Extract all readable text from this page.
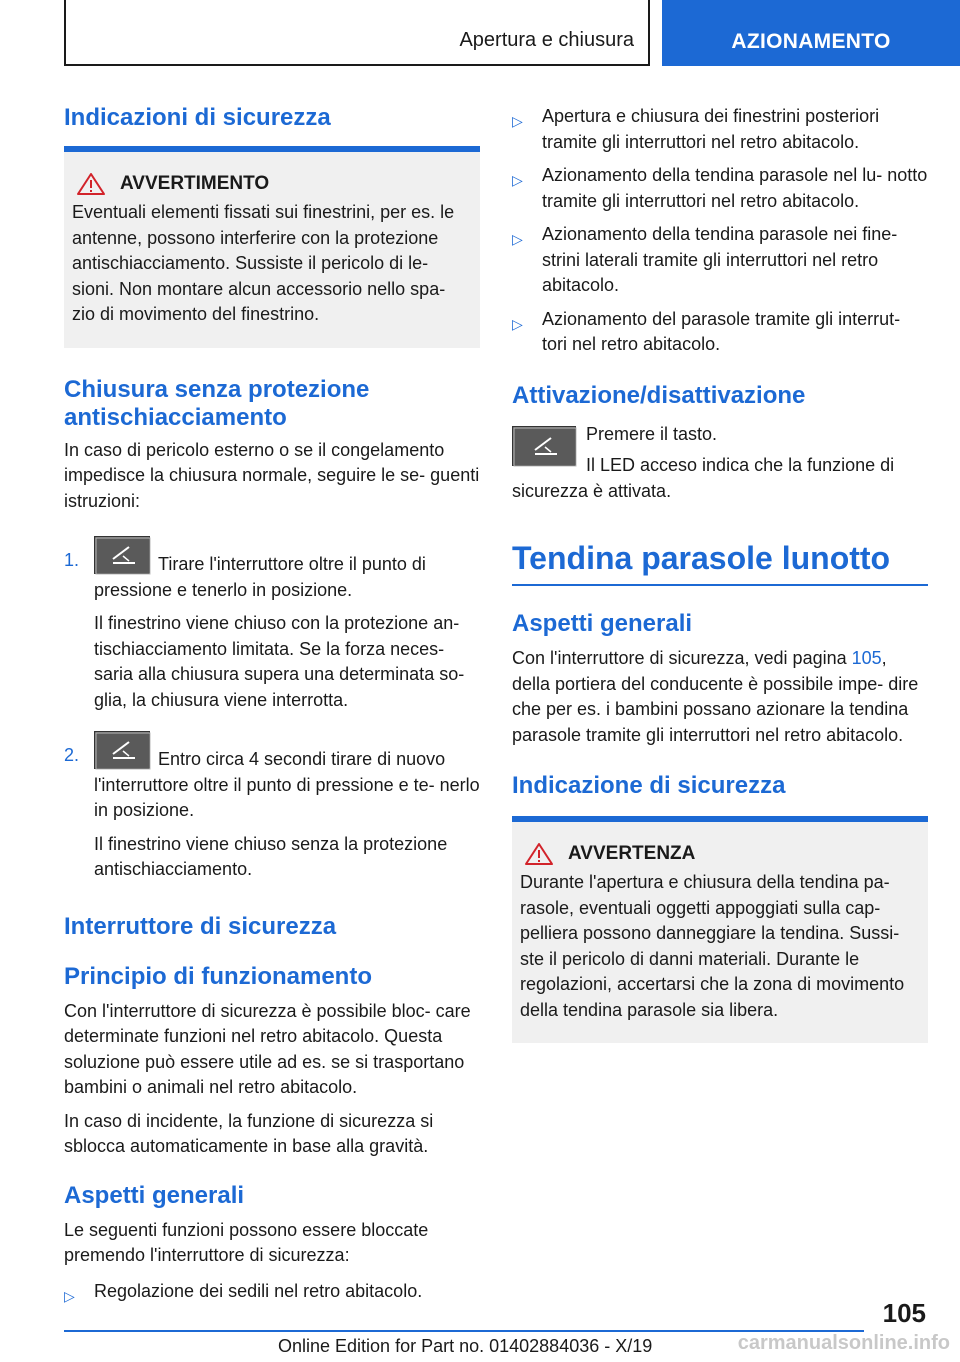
Apertura e chiusura	AZIONAMENTO
Indicazioni di sicurezza
AVVERTIMENTO

Eventuali elementi fissati sui finestrini, per es. le antenne, possono interferire con la protezione antischiacciamento. Sussiste il pericolo di le- sioni. Non montare alcun accessorio nello spa- zio di movimento del finestrino.

Chiusura senza protezione antischiacciamento

In caso di pericolo esterno o se il congelamento impedisce la chiusura normale, seguire le se- guenti istruzioni:

1.	Tirare l'interruttore oltre il punto di pressione e tenerlo in posizione.

Il finestrino viene chiuso con la protezione an- tischiacciamento limitata. Se la forza neces- saria alla chiusura supera una determinata so- glia, la chiusura viene interrotta.

2.	Entro circa 4 secondi tirare di nuovo l'interruttore oltre il punto di pressione e te- nerlo in posizione.

Il finestrino viene chiuso senza la protezione antischiacciamento.

Interruttore di sicurezza
Principio di funzionamento

Con l'interruttore di sicurezza è possibile bloc- care determinate funzioni nel retro abitacolo. Questa soluzione può essere utile ad es. se si trasportano bambini o animali nel retro abitacolo.

In caso di incidente, la funzione di sicurezza si sblocca automaticamente in base alla gravità.

Aspetti generali

Le seguenti funzioni possono essere bloccate premendo l'interruttore di sicurezza:

▷ Regolazione dei sedili nel retro abitacolo.
▷ Apertura e chiusura dei finestrini posteriori tramite gli interruttori nel retro abitacolo.
▷ Azionamento della tendina parasole nel lu- notto tramite gli interruttori nel retro abitacolo.
▷ Azionamento della tendina parasole nei fine- strini laterali tramite gli interruttori nel retro abitacolo.
▷ Azionamento del parasole tramite gli interrut- tori nel retro abitacolo.
Attivazione/disattivazione

Premere il tasto.

Il LED acceso indica che la funzione di sicurezza è attivata.

Tendina parasole lunotto
Aspetti generali

Con l'interruttore di sicurezza, vedi pagina 105, della portiera del conducente è possibile impe- dire che per es. i bambini possano azionare la tendina parasole tramite gli interruttori nel retro abitacolo.

Indicazione di sicurezza
AVVERTENZA

Durante l'apertura e chiusura della tendina pa- rasole, eventuali oggetti appoggiati sulla cap- pelliera possono danneggiare la tendina. Sussi- ste il pericolo di danni materiali. Durante le regolazioni, accertarsi che la zona di movimento della tendina parasole sia libera.

105
Online Edition for Part no. 01402884036 - X/19	carmanualsonline.info
